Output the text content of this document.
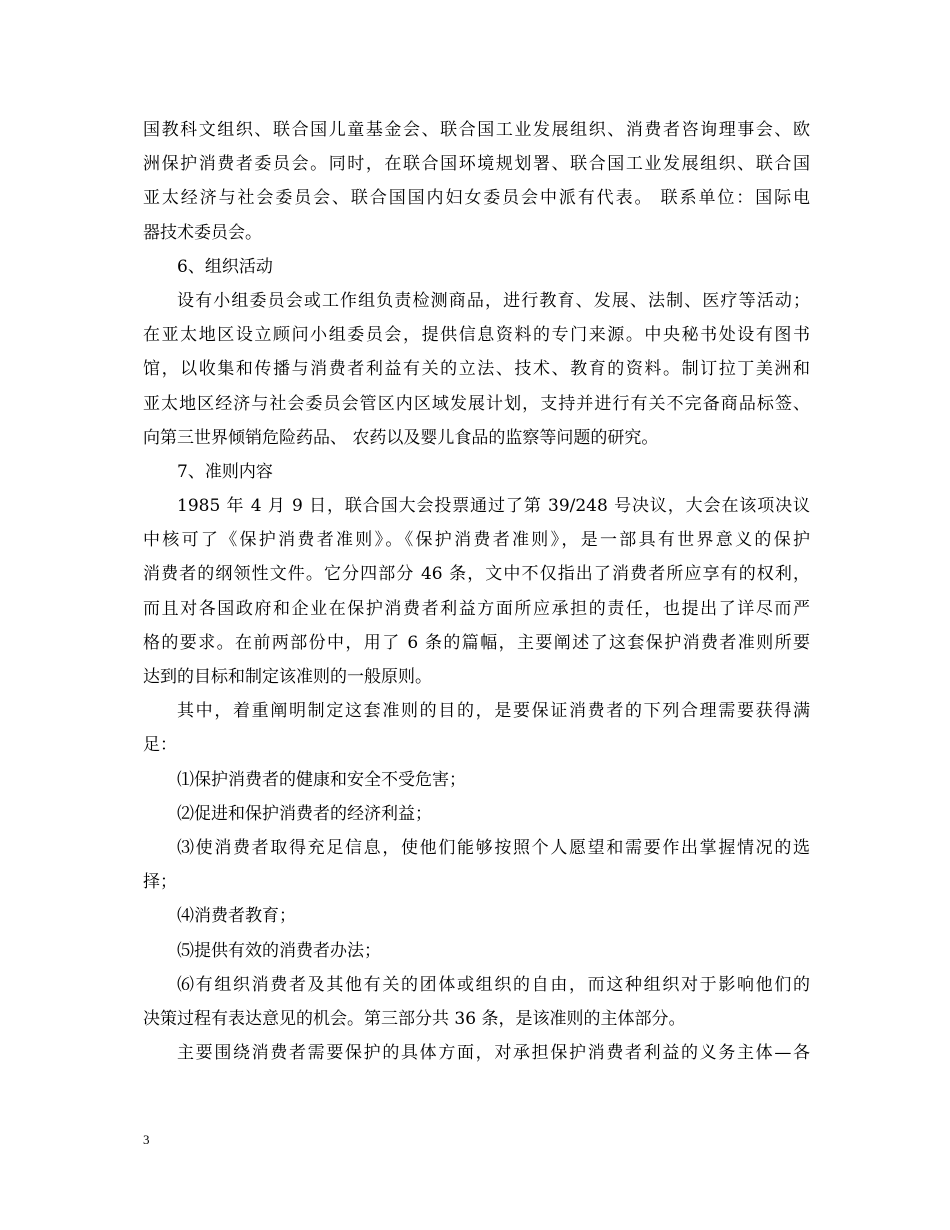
国教科文组织、联合国儿童基金会、联合国工业发展组织、消费者咨询理事会、欧
洲保护消费者委员会。同时，在联合国环境规划署、联合国工业发展组织、联合国
亚太经济与社会委员会、联合国国内妇女委员会中派有代表。 联系单位：国际电
器技术委员会。
6、组织活动
设有小组委员会或工作组负责检测商品，进行教育、发展、法制、医疗等活动；
在亚太地区设立顾问小组委员会，提供信息资料的专门来源。中央秘书处设有图书
馆，以收集和传播与消费者利益有关的立法、技术、教育的资料。制订拉丁美洲和
亚太地区经济与社会委员会管区内区域发展计划，支持并进行有关不完备商品标签、
向第三世界倾销危险药品、 农药以及婴儿食品的监察等问题的研究。
7、准则内容
1985 年 4 月 9 日，联合国大会投票通过了第 39/248 号决议，大会在该项决议
中核可了《保护消费者准则》。《保护消费者准则》，是一部具有世界意义的保护
消费者的纲领性文件。它分四部分 46 条，文中不仅指出了消费者所应享有的权利，
而且对各国政府和企业在保护消费者利益方面所应承担的责任，也提出了详尽而严
格的要求。在前两部份中，用了 6 条的篇幅，主要阐述了这套保护消费者准则所要
达到的目标和制定该准则的一般原则。
其中，着重阐明制定这套准则的目的，是要保证消费者的下列合理需要获得满
足：
⑴保护消费者的健康和安全不受危害；
⑵促进和保护消费者的经济利益；
⑶使消费者取得充足信息，使他们能够按照个人愿望和需要作出掌握情况的选
择；
⑷消费者教育；
⑸提供有效的消费者办法；
⑹有组织消费者及其他有关的团体或组织的自由，而这种组织对于影响他们的
决策过程有表达意见的机会。第三部分共 36 条，是该准则的主体部分。
主要围绕消费者需要保护的具体方面，对承担保护消费者利益的义务主体—各
3
